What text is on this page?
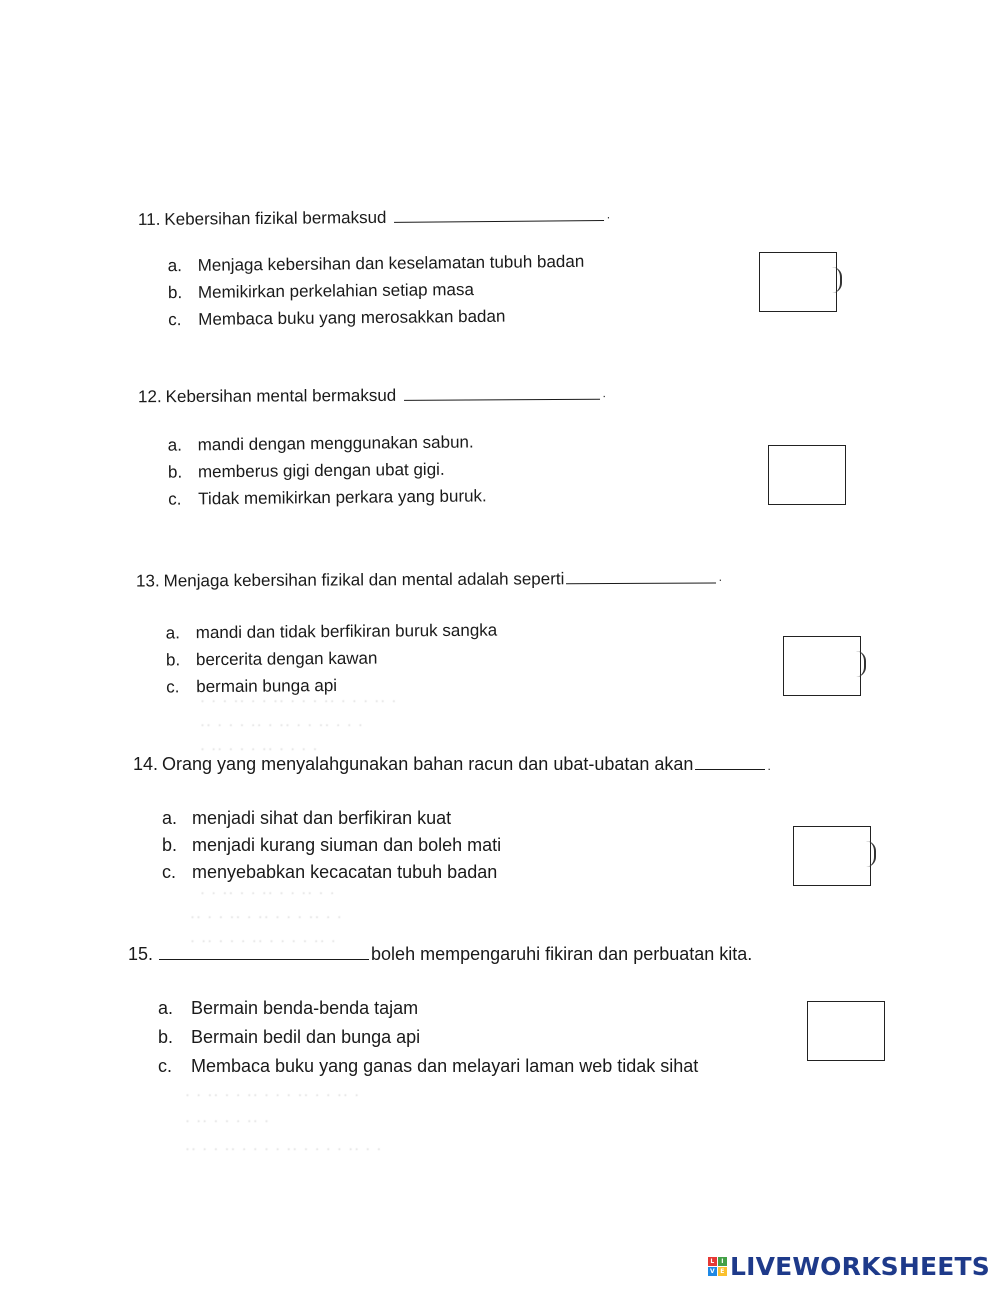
11. Kebersihan fizikal bermaksud	·
a. Menjaga kebersihan dan keselamatan tubuh badan
b. Memikirkan perkelahian setiap masa
c. Membaca buku yang merosakkan badan
12. Kebersihan mental bermaksud	·
a. mandi dengan menggunakan sabun.
b. memberus gigi dengan ubat gigi.
c. Tidak memikirkan perkara yang buruk.
13. Menjaga kebersihan fizikal dan mental adalah seperti	·
a. mandi dan tidak berfikiran buruk sangka
b. bercerita dengan kawan
c. bermain bunga api
· · · ·· · · ·· · · · ·· · · · ·· ·
·· · · · ·· · ·· · · ·· · · ·
· ·· · · · ·· · · · ·
14. Orang yang menyalahgunakan bahan racun dan ubat-ubatan akan	.
a. menjadi sihat dan berfikiran kuat
b. menjadi kurang siuman dan boleh mati
c. menyebabkan kecacatan tubuh badan
· · ·· · · ·· · · ·· · ·
·· · · ·· · ·· · · · ·· · ·
· ·· · · · ·· · · · · ·· ·
15.	boleh mempengaruhi fikiran dan perbuatan kita.
a. Bermain benda-benda tajam
b. Bermain bedil dan bunga api
c. Membaca buku yang ganas dan melayari laman web tidak sihat
· · ·· · · ·· · · · ·· · · ·· ·
· ·· · · · ·· ·
·· · · ·· · · · · ·· · · · · ·· · ·
L	I
V E LIVEWORKSHEETS
